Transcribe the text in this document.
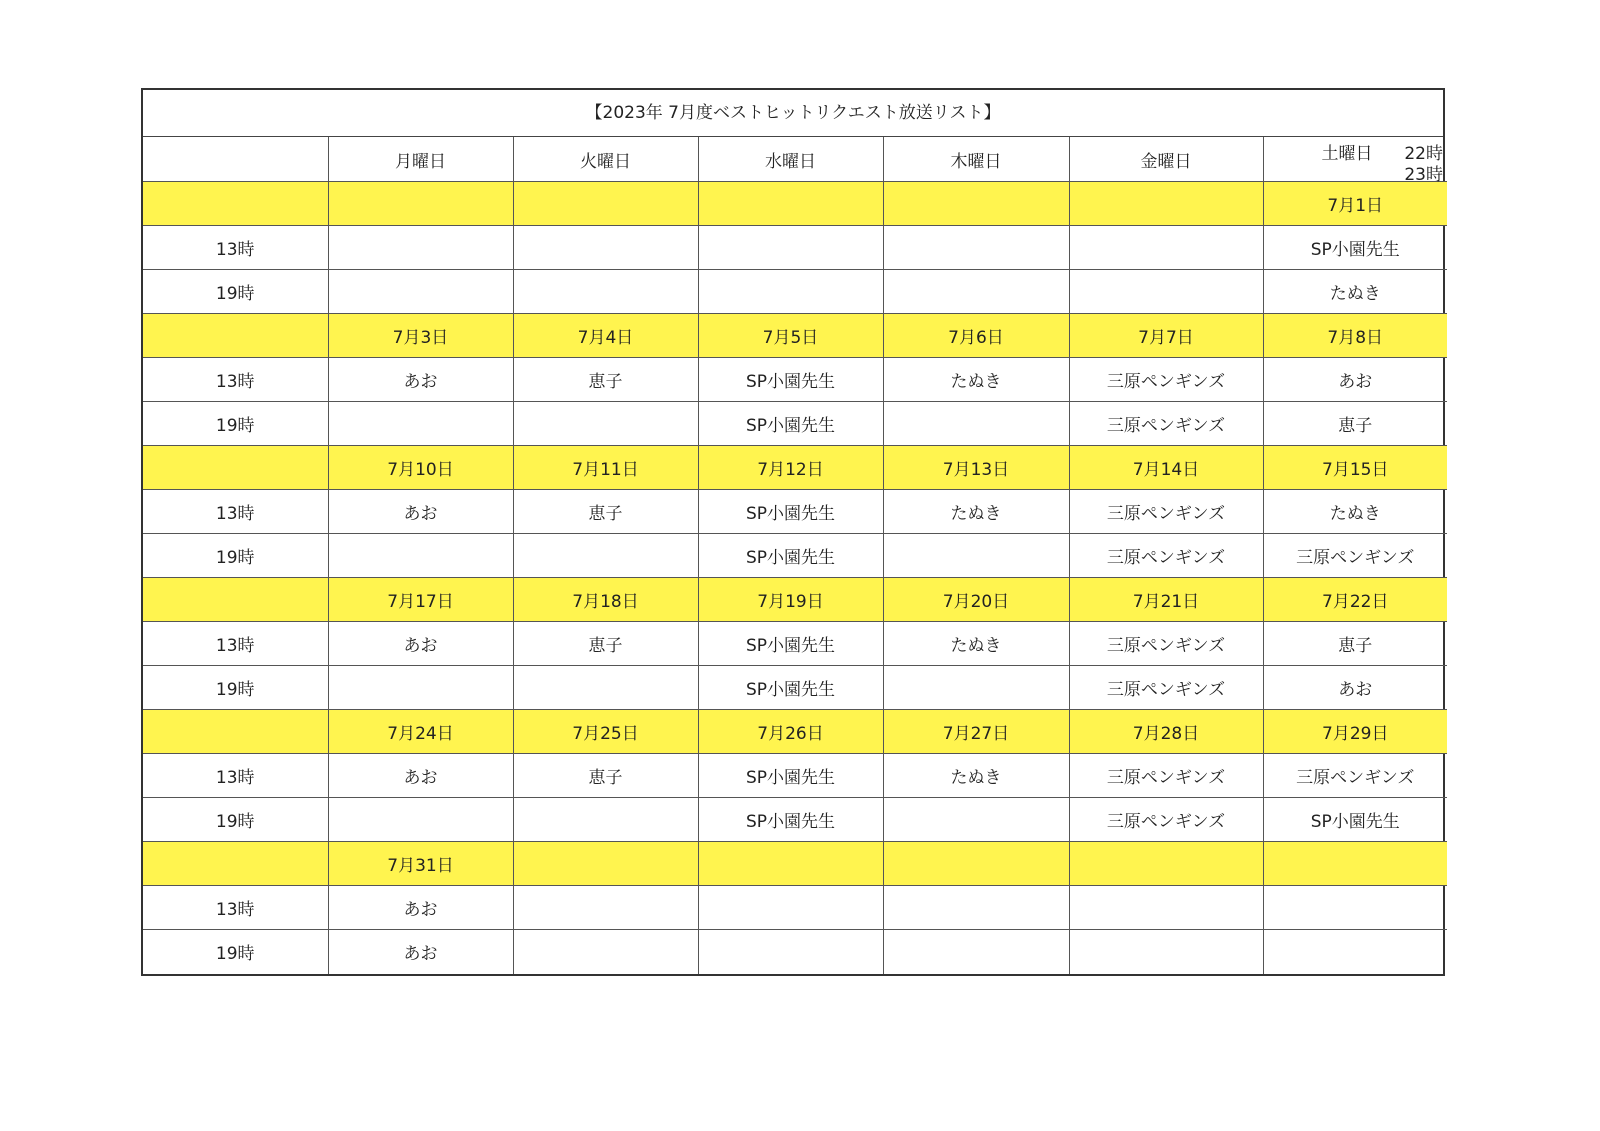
【2023年 7月度ベストヒットリクエスト放送リスト】
	月曜日	火曜日	水曜日	木曜日	金曜日	土曜日 22時
23時

						7月1日
13時						SP小園先生
19時						たぬき
	7月3日	7月4日	7月5日	7月6日	7月7日	7月8日
13時	あお	恵子	SP小園先生	たぬき	三原ペンギンズ	あお
19時			SP小園先生		三原ペンギンズ	恵子
	7月10日	7月11日	7月12日	7月13日	7月14日	7月15日
13時	あお	恵子	SP小園先生	たぬき	三原ペンギンズ	たぬき
19時			SP小園先生		三原ペンギンズ	三原ペンギンズ
	7月17日	7月18日	7月19日	7月20日	7月21日	7月22日
13時	あお	恵子	SP小園先生	たぬき	三原ペンギンズ	恵子
19時			SP小園先生		三原ペンギンズ	あお
	7月24日	7月25日	7月26日	7月27日	7月28日	7月29日
13時	あお	恵子	SP小園先生	たぬき	三原ペンギンズ	三原ペンギンズ
19時			SP小園先生		三原ペンギンズ	SP小園先生
	7月31日					
13時	あお					
19時	あお					
